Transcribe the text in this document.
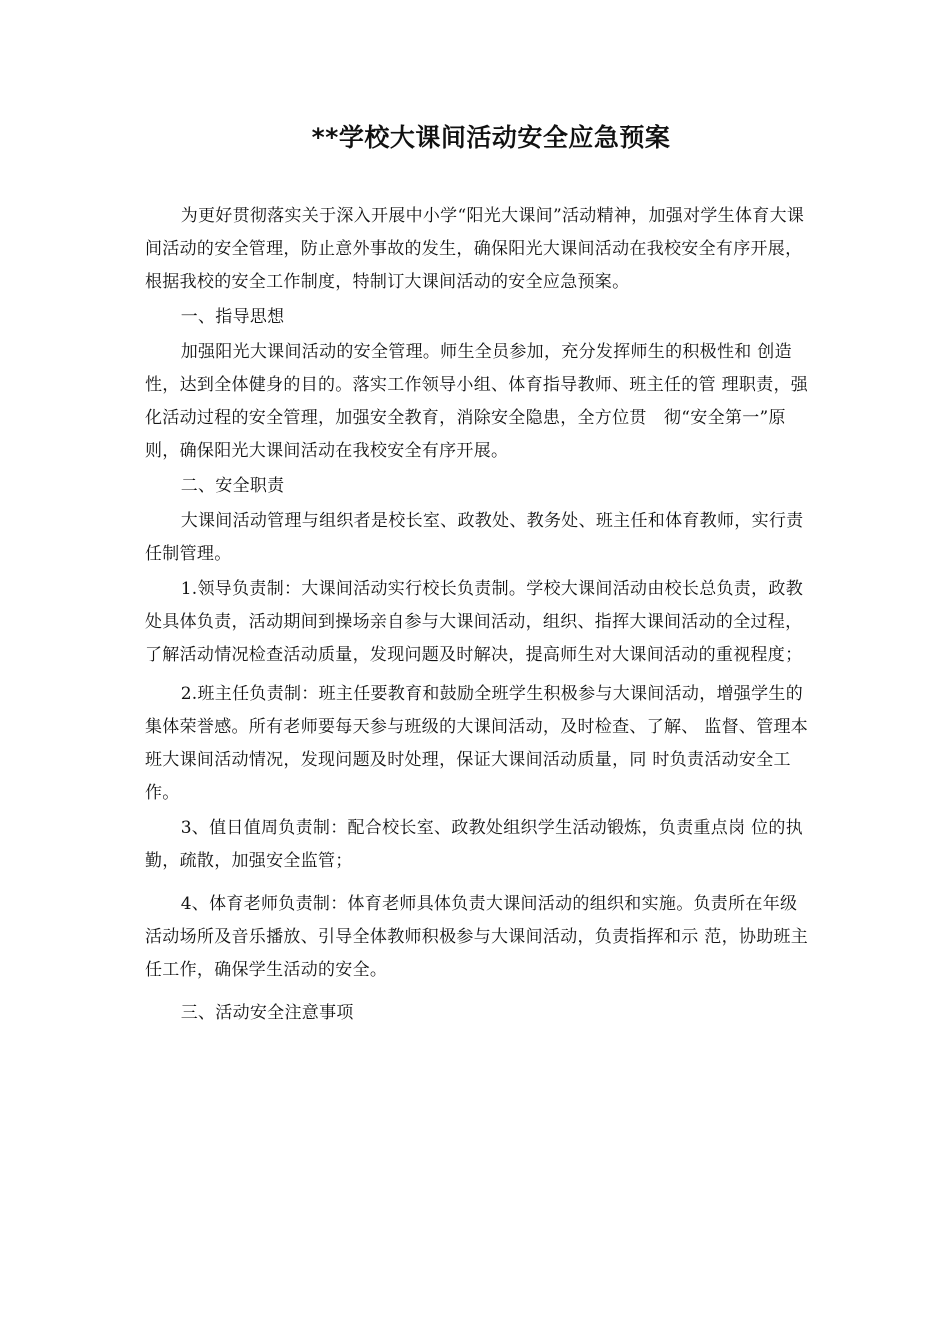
**学校大课间活动安全应急预案

为更好贯彻落实关于深入开展中小学“阳光大课间”活动精神，加强对学生体育大课间活动的安全管理，防止意外事故的发生，确保阳光大课间活动在我校安全有序开展，根据我校的安全工作制度，特制订大课间活动的安全应急预案。

一、指导思想

加强阳光大课间活动的安全管理。师生全员参加，充分发挥师生的积极性和 创造性，达到全体健身的目的。落实工作领导小组、体育指导教师、班主任的管 理职责，强化活动过程的安全管理，加强安全教育，消除安全隐患，全方位贯　彻“安全第一”原则，确保阳光大课间活动在我校安全有序开展。

二、安全职责

大课间活动管理与组织者是校长室、政教处、教务处、班主任和体育教师，实行责任制管理。

1.领导负责制：大课间活动实行校长负责制。学校大课间活动由校长总负责，政教处具体负责，活动期间到操场亲自参与大课间活动，组织、指挥大课间活动的全过程，了解活动情况检查活动质量，发现问题及时解决，提高师生对大课间活动的重视程度；

2.班主任负责制：班主任要教育和鼓励全班学生积极参与大课间活动，增强学生的集体荣誉感。所有老师要每天参与班级的大课间活动，及时检查、了解、 监督、管理本班大课间活动情况，发现问题及时处理，保证大课间活动质量，同 时负责活动安全工作。

3、值日值周负责制：配合校长室、政教处组织学生活动锻炼，负责重点岗 位的执勤，疏散，加强安全监管；

4、体育老师负责制：体育老师具体负责大课间活动的组织和实施。负责所在年级活动场所及音乐播放、引导全体教师积极参与大课间活动，负责指挥和示 范，协助班主任工作，确保学生活动的安全。

三、活动安全注意事项
